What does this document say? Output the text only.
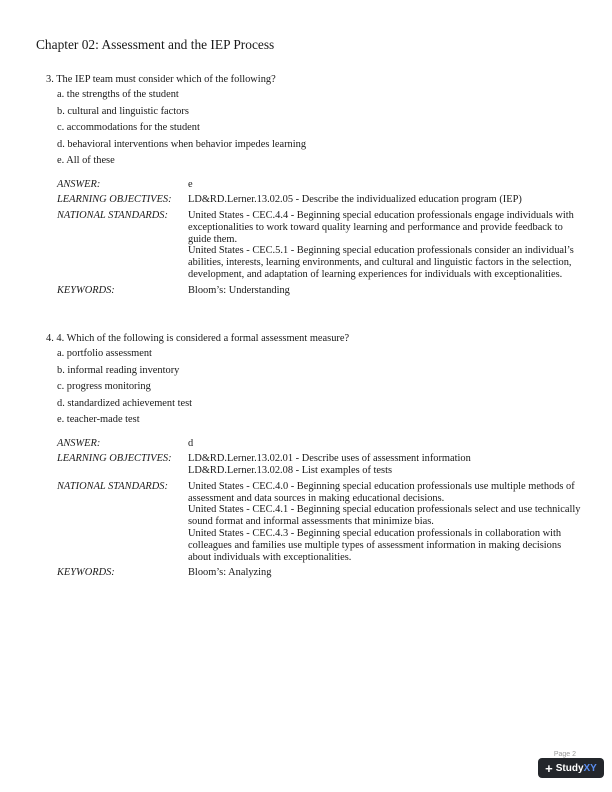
Chapter 02: Assessment and the IEP Process
3. The IEP team must consider which of the following?
a. the strengths of the student
b. cultural and linguistic factors
c. accommodations for the student
d. behavioral interventions when behavior impedes learning
e. All of these
ANSWER:	e
LEARNING OBJECTIVES:	LD&RD.Lerner.13.02.05 - Describe the individualized education program (IEP)
NATIONAL STANDARDS:	United States - CEC.4.4 - Beginning special education professionals engage individuals with exceptionalities to work toward quality learning and performance and provide feedback to guide them.
United States - CEC.5.1 - Beginning special education professionals consider an individual’s abilities, interests, learning environments, and cultural and linguistic factors in the selection, development, and adaptation of learning experiences for individuals with exceptionalities.
KEYWORDS:	Bloom’s: Understanding
4. 4. Which of the following is considered a formal assessment measure?
a. portfolio assessment
b. informal reading inventory
c. progress monitoring
d. standardized achievement test
e. teacher-made test
ANSWER:	d
LEARNING OBJECTIVES:	LD&RD.Lerner.13.02.01 - Describe uses of assessment information
LD&RD.Lerner.13.02.08 - List examples of tests
NATIONAL STANDARDS:	United States - CEC.4.0 - Beginning special education professionals use multiple methods of assessment and data sources in making educational decisions.
United States - CEC.4.1 - Beginning special education professionals select and use technically sound format and informal assessments that minimize bias.
United States - CEC.4.3 - Beginning special education professionals in collaboration with colleagues and families use multiple types of assessment information in making decisions about individuals with exceptionalities.
KEYWORDS:	Bloom’s: Analyzing
Page 2
+ StudyXY
